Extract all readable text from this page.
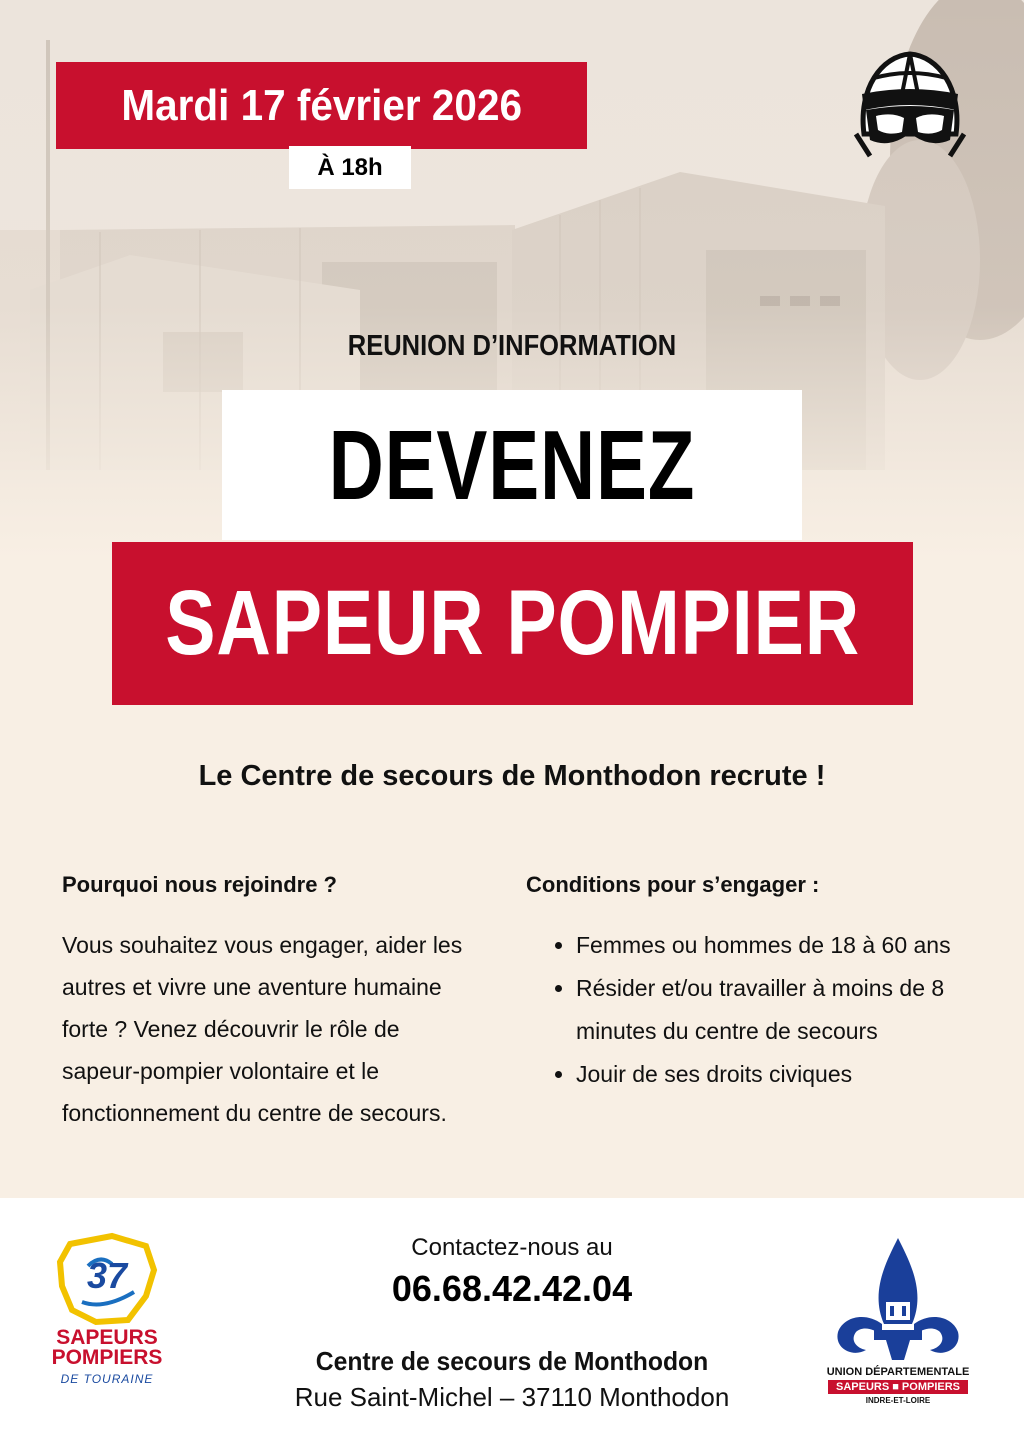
Mardi 17 février 2026
À 18h
REUNION D’INFORMATION
DEVENEZ
SAPEUR POMPIER
Le Centre de secours de Monthodon recrute !
Pourquoi nous rejoindre ?
Vous souhaitez vous engager, aider les autres et vivre une aventure humaine forte ? Venez découvrir le rôle de sapeur-pompier volontaire et le fonctionnement du centre de secours.
Conditions pour s’engager :
• Femmes ou hommes de 18 à 60 ans
• Résider et/ou travailler à moins de 8 minutes du centre de secours
• Jouir de ses droits civiques
Contactez-nous au
06.68.42.42.04
Centre de secours de Monthodon
Rue Saint-Michel – 37110 Monthodon
37
SAPEURS
POMPIERS
DE TOURAINE	UNION DÉPARTEMENTALE
SAPEURS ■ POMPIERS
INDRE-ET-LOIRE
